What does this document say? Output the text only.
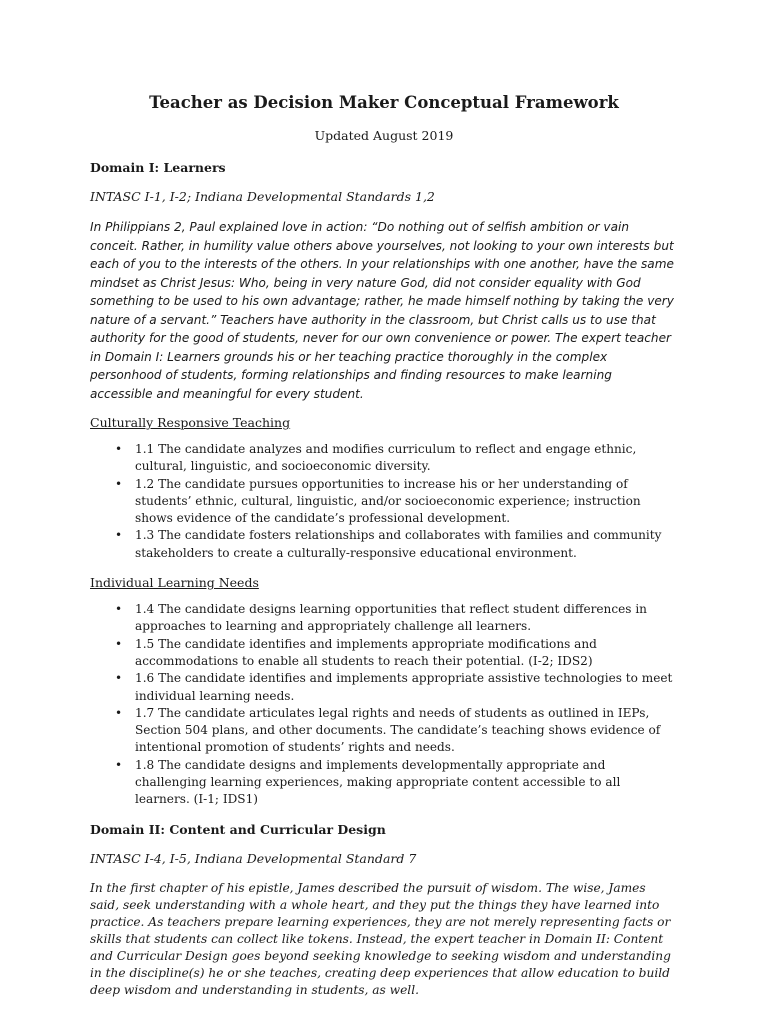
Teacher as Decision Maker Conceptual Framework

Updated August 2019

Domain I: Learners

INTASC I-1, I-2; Indiana Developmental Standards 1,2

In Philippians 2, Paul explained love in action: “Do nothing out of selfish ambition or vain conceit. Rather, in humility value others above yourselves, not looking to your own interests but each of you to the interests of the others. In your relationships with one another, have the same mindset as Christ Jesus: Who, being in very nature God, did not consider equality with God something to be used to his own advantage; rather, he made himself nothing by taking the very nature of a servant.” Teachers have authority in the classroom, but Christ calls us to use that authority for the good of students, never for our own convenience or power. The expert teacher in Domain I: Learners grounds his or her teaching practice thoroughly in the complex personhood of students, forming relationships and finding resources to make learning accessible and meaningful for every student.

Culturally Responsive Teaching

• 1.1 The candidate analyzes and modifies curriculum to reflect and engage ethnic, cultural, linguistic, and socioeconomic diversity.
• 1.2 The candidate pursues opportunities to increase his or her understanding of students’ ethnic, cultural, linguistic, and/or socioeconomic experience; instruction shows evidence of the candidate’s professional development.
• 1.3 The candidate fosters relationships and collaborates with families and community stakeholders to create a culturally-responsive educational environment.

Individual Learning Needs

• 1.4 The candidate designs learning opportunities that reflect student differences in approaches to learning and appropriately challenge all learners.
• 1.5 The candidate identifies and implements appropriate modifications and accommodations to enable all students to reach their potential. (I-2; IDS2)
• 1.6 The candidate identifies and implements appropriate assistive technologies to meet individual learning needs.
• 1.7 The candidate articulates legal rights and needs of students as outlined in IEPs, Section 504 plans, and other documents. The candidate’s teaching shows evidence of intentional promotion of students’ rights and needs.
• 1.8 The candidate designs and implements developmentally appropriate and challenging learning experiences, making appropriate content accessible to all learners. (I-1; IDS1)

Domain II: Content and Curricular Design

INTASC I-4, I-5, Indiana Developmental Standard 7

In the first chapter of his epistle, James described the pursuit of wisdom. The wise, James said, seek understanding with a whole heart, and they put the things they have learned into practice. As teachers prepare learning experiences, they are not merely representing facts or skills that students can collect like tokens. Instead, the expert teacher in Domain II: Content and Curricular Design goes beyond seeking knowledge to seeking wisdom and understanding in the discipline(s) he or she teaches, creating deep experiences that allow education to build deep wisdom and understanding in students, as well.
